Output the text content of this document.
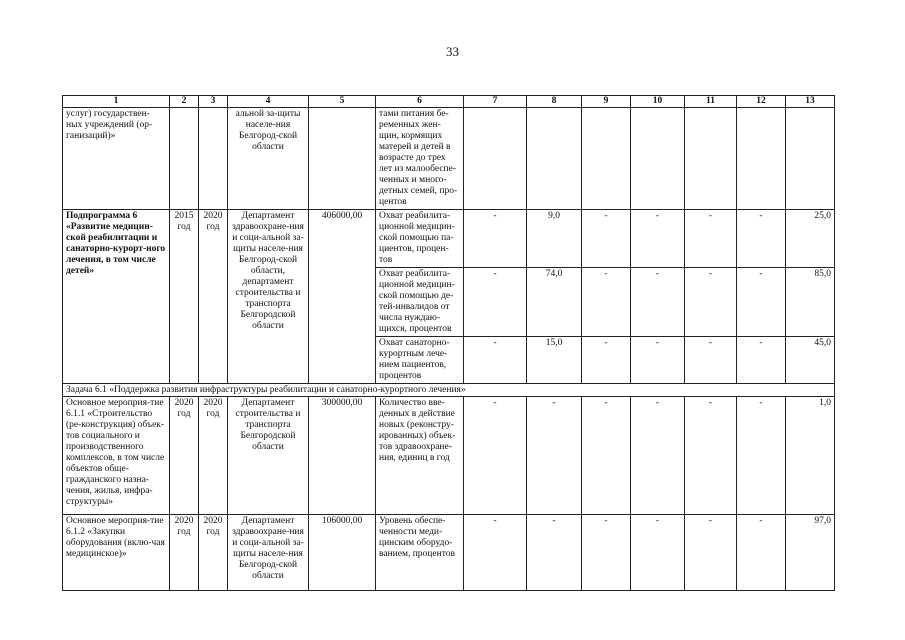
33
1	2	3	4	5	6	7	8	9	10	11	12	13
услуг) государствен-ных учреждений (ор-ганизаций)»			альной за-щиты населе-ния Белгород-ской области		тами питания бе-ременных жен-щин, кормящих матерей и детей в возрасте до трех лет из малообеспе-ченных и много-детных семей, про-центов							
Подпрограмма 6 «Развитие медицин-ской реабилитации и санаторно-курорт-ного лечения, в том числе детей»	2015 год	2020 год	Департамент здравоохране-ния и соци-альной за-щиты населе-ния Белгород-ской области, департамент строительства и транспорта Белгородской области	406000,00	Охват реабилита-ционной медицин-ской помощью па-циентов, процен-тов	-	9,0	-	-	-	-	25,0
					Охват реабилита-ционной медицин-ской помощью де-тей-инвалидов от числа нуждаю-щихся, процентов	-	74,0	-	-	-	-	85,0
					Охват санаторно-курортным лече-нием пациентов, процентов	-	15,0	-	-	-	-	45,0
Задача 6.1 «Поддержка развития инфраструктуры реабилитации и санаторно-курортного лечения»												
Основное мероприя-тие 6.1.1 «Строительство (ре-конструкция) объек-тов социального и производственного комплексов, в том числе объектов обще-гражданского назна-чения, жилья, инфра-структуры»	2020 год	2020 год	Департамент строительства и транспорта Белгородской области	300000,00	Количество вве-денных в действие новых (реконстру-ированных) объек-тов здравоохране-ния, единиц в год	-	-	-	-	-	-	1,0
Основное мероприя-тие 6.1.2 «Закупки оборудования (вклю-чая медицинское)»	2020 год	2020 год	Департамент здравоохране-ния и соци-альной за-щиты населе-ния Белгород-ской области	106000,00	Уровень обеспе-ченности меди-цинским оборудо-ванием, процентов	-	-	-	-	-	-	97,0
